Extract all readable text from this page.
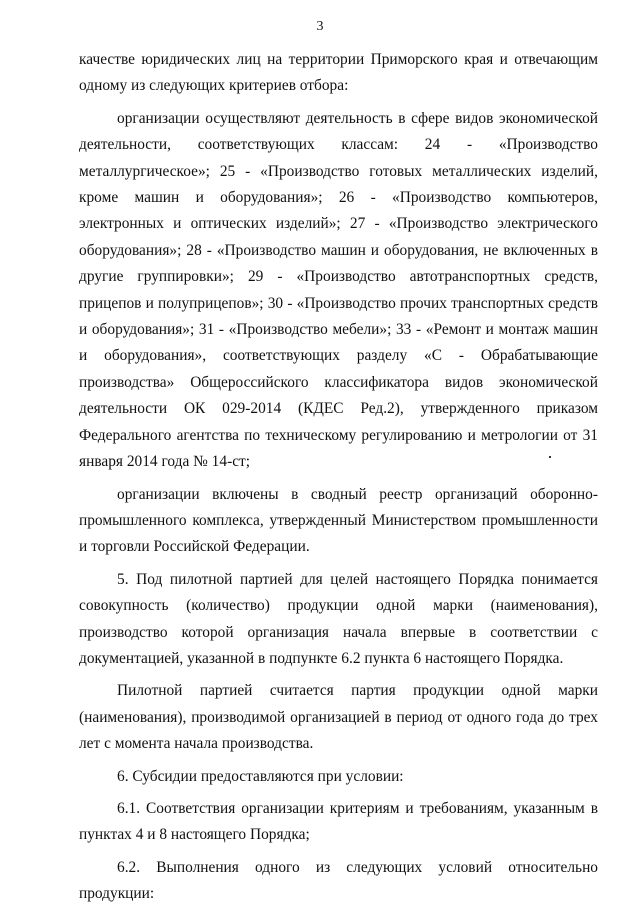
3

качестве юридических лиц на территории Приморского края и отвечающим одному из следующих критериев отбора:

организации осуществляют деятельность в сфере видов экономической деятельности, соответствующих классам: 24 - «Производство металлургическое»; 25 - «Производство готовых металлических изделий, кроме машин и оборудования»; 26 - «Производство компьютеров, электронных и оптических изделий»; 27 - «Производство электрического оборудования»; 28 - «Производство машин и оборудования, не включенных в другие группировки»; 29 - «Производство автотранспортных средств, прицепов и полуприцепов»; 30 - «Производство прочих транспортных средств и оборудования»; 31 - «Производство мебели»; 33 - «Ремонт и монтаж машин и оборудования», соответствующих разделу «С - Обрабатывающие производства» Общероссийского классификатора видов экономической деятельности ОК 029-2014 (КДЕС Ред.2), утвержденного приказом Федерального агентства по техническому регулированию и метрологии от 31 января 2014 года № 14-ст;

организации включены в сводный реестр организаций оборонно-промышленного комплекса, утвержденный Министерством промышленности и торговли Российской Федерации.

5. Под пилотной партией для целей настоящего Порядка понимается совокупность (количество) продукции одной марки (наименования), производство которой организация начала впервые в соответствии с документацией, указанной в подпункте 6.2 пункта 6 настоящего Порядка.

Пилотной партией считается партия продукции одной марки (наименования), производимой организацией в период от одного года до трех лет с момента начала производства.

6. Субсидии предоставляются при условии:

6.1. Соответствия организации критериям и требованиям, указанным в пунктах 4 и 8 настоящего Порядка;

6.2. Выполнения одного из следующих условий относительно продукции:
